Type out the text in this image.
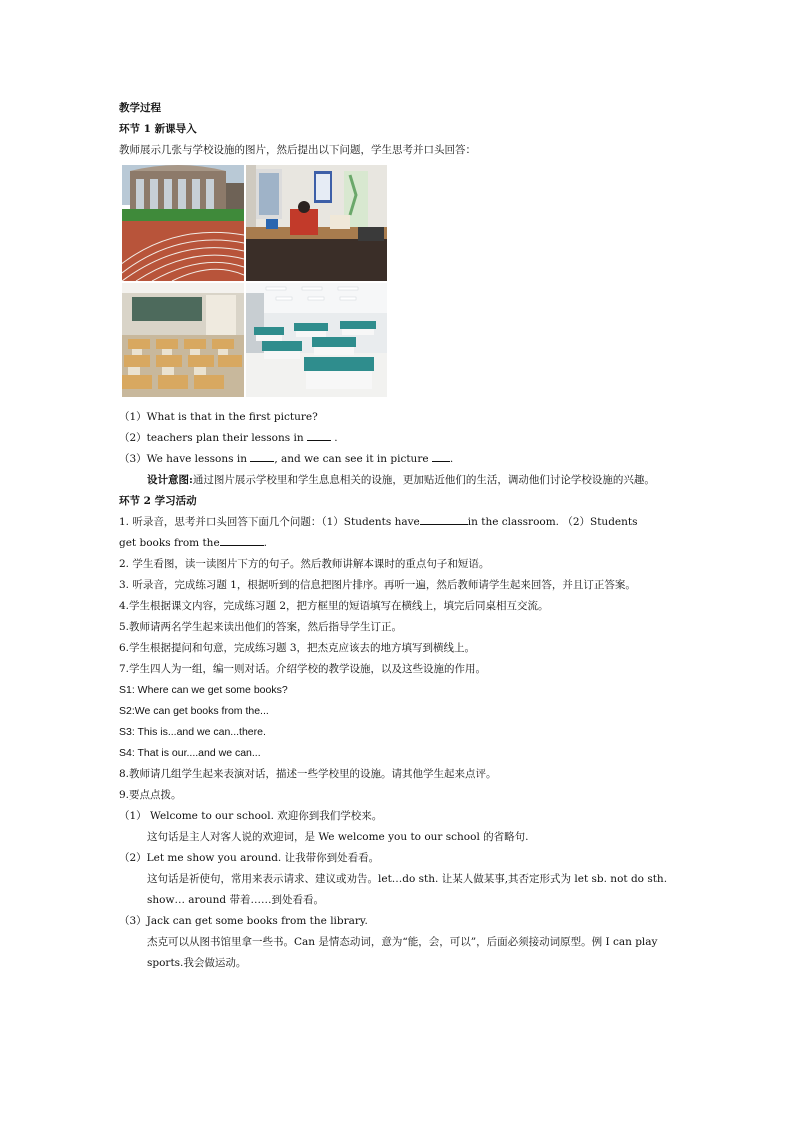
教学过程
环节 1 新课导入
教师展示几张与学校设施的图片，然后提出以下问题，学生思考并口头回答：
（1）What is that in the first picture?
（2）teachers plan their lessons in	.
（3）We have lessons in	, and we can see it in picture .
设计意图:通过图片展示学校里和学生息息相关的设施，更加贴近他们的生活，调动他们讨论学校设施的兴趣。
环节 2 学习活动
1. 听录音，思考并口头回答下面几个问题：（1）Students have	in the classroom. （2）Students
get books from the	.
2. 学生看图，读一读图片下方的句子。然后教师讲解本课时的重点句子和短语。
3. 听录音，完成练习题 1，根据听到的信息把图片排序。再听一遍，然后教师请学生起来回答，并且订正答案。
4.学生根据课文内容，完成练习题 2，把方框里的短语填写在横线上，填完后同桌相互交流。
5.教师请两名学生起来读出他们的答案，然后指导学生订正。
6.学生根据提问和句意，完成练习题 3，把杰克应该去的地方填写到横线上。
7.学生四人为一组，编一则对话。介绍学校的教学设施，以及这些设施的作用。
S1: Where can we get some books?
S2:We can get books from the...
S3: This is...and we can...there.
S4: That is our....and we can...
8.教师请几组学生起来表演对话，描述一些学校里的设施。请其他学生起来点评。
9.要点点拨。
（1） Welcome to our school. 欢迎你到我们学校来。
这句话是主人对客人说的欢迎词，是 We welcome you to our school 的省略句.
（2）Let me show you around. 让我带你到处看看。
这句话是祈使句，常用来表示请求、建议或劝告。let…do sth. 让某人做某事,其否定形式为 let sb. not do sth. show… around 带着……到处看看。
（3）Jack can get some books from the library.
杰克可以从图书馆里拿一些书。Can 是情态动词，意为“能，会，可以”，后面必须接动词原型。例 I can play sports.我会做运动。
